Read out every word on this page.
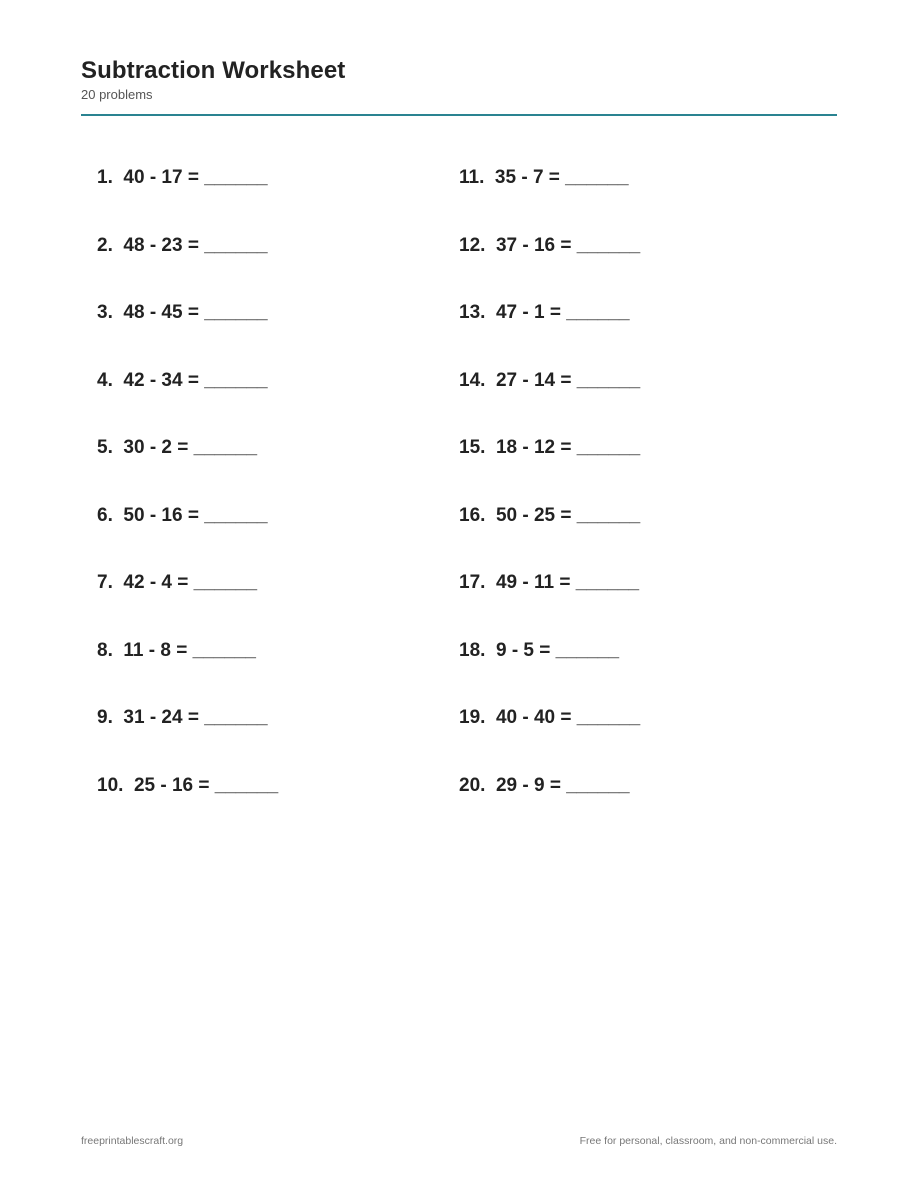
Subtraction Worksheet
20 problems
1.  40 - 17 = ______
2.  48 - 23 = ______
3.  48 - 45 = ______
4.  42 - 34 = ______
5.  30 - 2 = ______
6.  50 - 16 = ______
7.  42 - 4 = ______
8.  11 - 8 = ______
9.  31 - 24 = ______
10.  25 - 16 = ______
11.  35 - 7 = ______
12.  37 - 16 = ______
13.  47 - 1 = ______
14.  27 - 14 = ______
15.  18 - 12 = ______
16.  50 - 25 = ______
17.  49 - 11 = ______
18.  9 - 5 = ______
19.  40 - 40 = ______
20.  29 - 9 = ______
freeprintablescraft.org	Free for personal, classroom, and non-commercial use.
